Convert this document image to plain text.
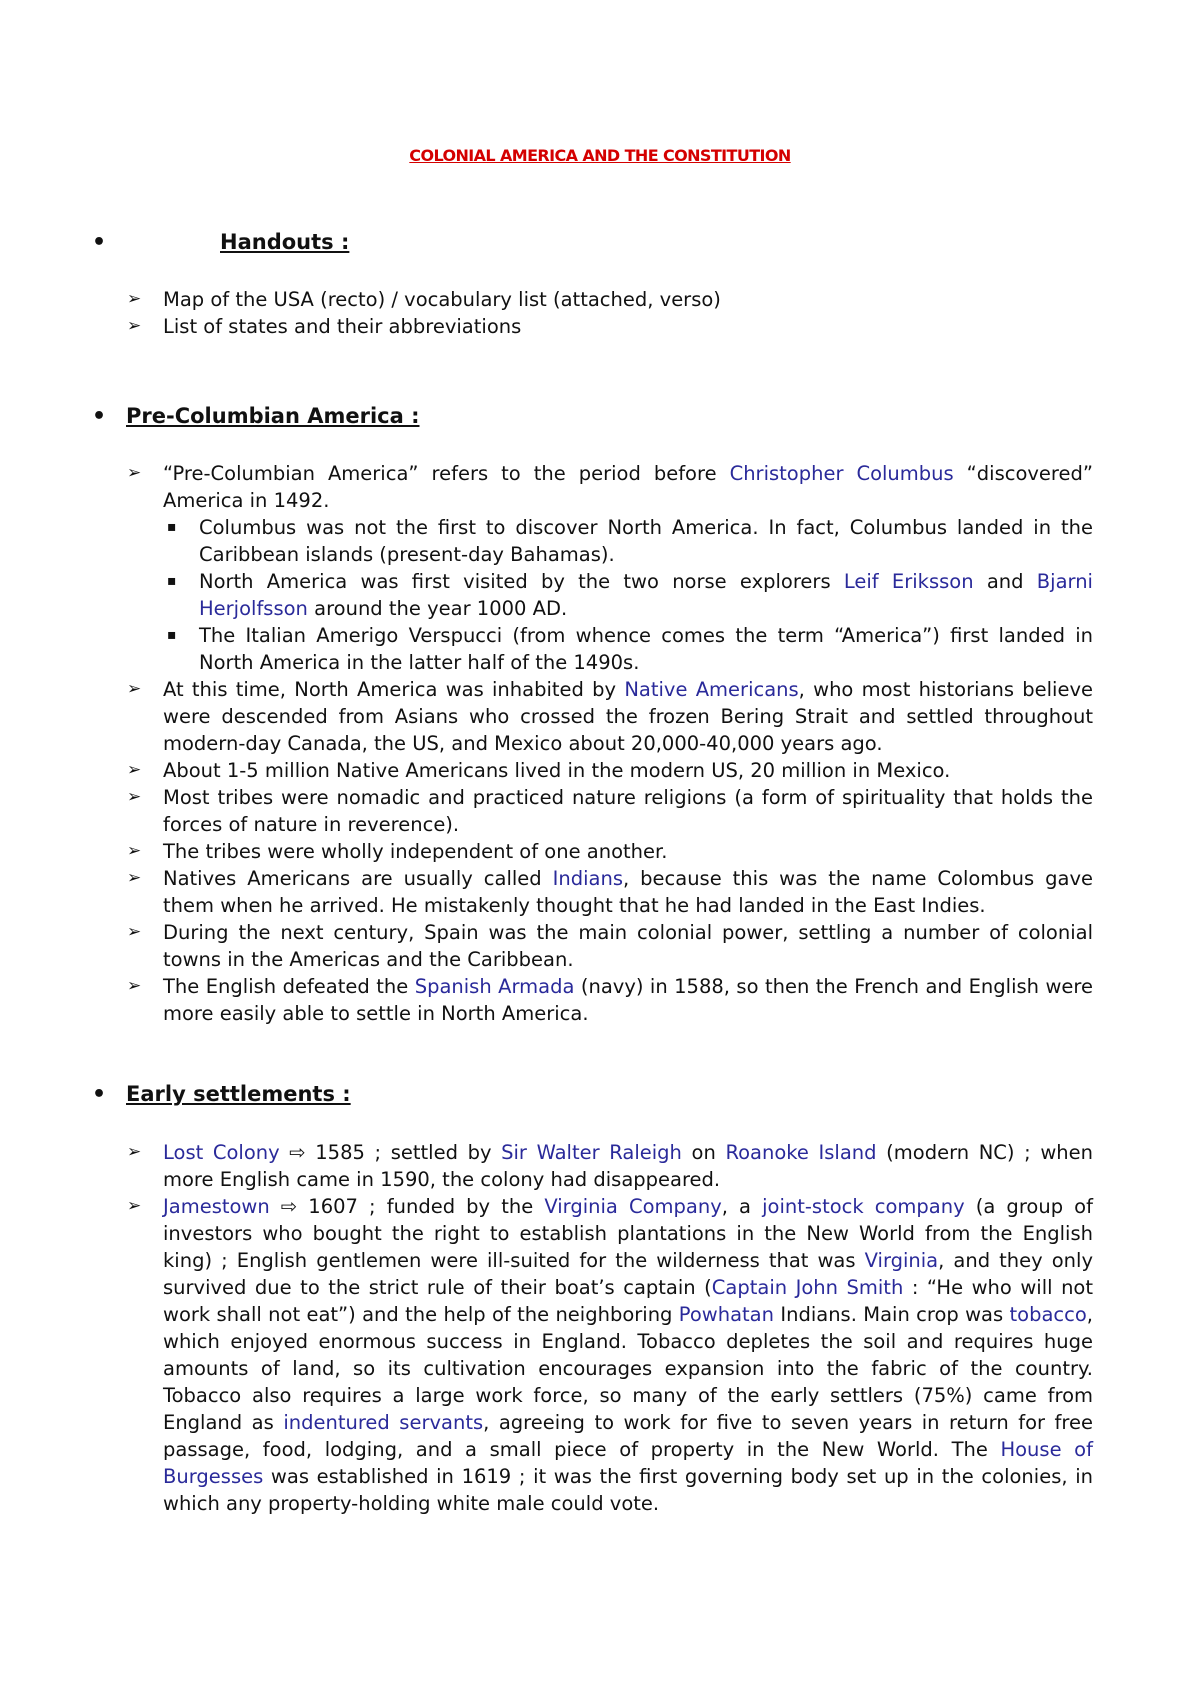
COLONIAL AMERICA AND THE CONSTITUTION
•	Handouts :
➢ Map of the USA (recto) / vocabulary list (attached, verso)
➢ List of states and their abbreviations
• Pre-Columbian America :
➢ “Pre-Columbian America” refers to the period before Christopher Columbus “discovered” America in 1492.
▪ Columbus was not the first to discover North America. In fact, Columbus landed in the Caribbean islands (present-day Bahamas).
▪ North America was first visited by the two norse explorers Leif Eriksson and Bjarni Herjolfsson around the year 1000 AD.
▪ The Italian Amerigo Verspucci (from whence comes the term “America”) first landed in North America in the latter half of the 1490s.
➢ At this time, North America was inhabited by Native Americans, who most historians believe were descended from Asians who crossed the frozen Bering Strait and settled throughout modern-day Canada, the US, and Mexico about 20,000-40,000 years ago.
➢ About 1-5 million Native Americans lived in the modern US, 20 million in Mexico.
➢ Most tribes were nomadic and practiced nature religions (a form of spirituality that holds the forces of nature in reverence).
➢ The tribes were wholly independent of one another.
➢ Natives Americans are usually called Indians, because this was the name Colombus gave them when he arrived. He mistakenly thought that he had landed in the East Indies.
➢ During the next century, Spain was the main colonial power, settling a number of colonial towns in the Americas and the Caribbean.
➢ The English defeated the Spanish Armada (navy) in 1588, so then the French and English were more easily able to settle in North America.
• Early settlements :
➢ Lost Colony ⇨ 1585 ; settled by Sir Walter Raleigh on Roanoke Island (modern NC) ; when more English came in 1590, the colony had disappeared.
➢ Jamestown ⇨ 1607 ; funded by the Virginia Company, a joint-stock company (a group of investors who bought the right to establish plantations in the New World from the English king) ; English gentlemen were ill-suited for the wilderness that was Virginia, and they only survived due to the strict rule of their boat’s captain (Captain John Smith : “He who will not work shall not eat”) and the help of the neighboring Powhatan Indians. Main crop was tobacco, which enjoyed enormous success in England. Tobacco depletes the soil and requires huge amounts of land, so its cultivation encourages expansion into the fabric of the country. Tobacco also requires a large work force, so many of the early settlers (75%) came from England as indentured servants, agreeing to work for five to seven years in return for free passage, food, lodging, and a small piece of property in the New World. The House of Burgesses was established in 1619 ; it was the first governing body set up in the colonies, in which any property-holding white male could vote.
